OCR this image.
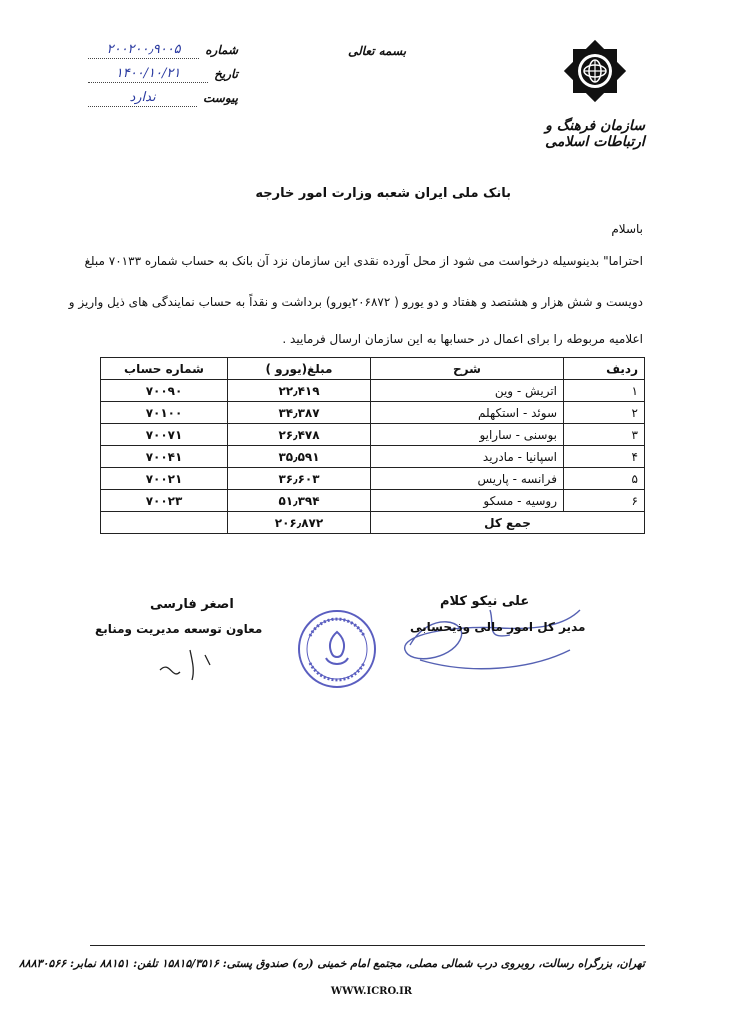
شماره
۲۰۰۲۰۰٫۹۰۰۵
تاریخ
۱۴۰۰/۱۰/۲۱
پیوست
ندارد
بسمه تعالی
سازمان فرهنگ و ارتباطات اسلامی
بانک ملی ایران شعبه وزارت امور خارجه
باسلام
احتراما" بدینوسیله درخواست می شود از محل آورده نقدی این سازمان نزد آن بانک به حساب شماره ۷۰۱۳۳ مبلغ
دویست و شش هزار و هشتصد و هفتاد و دو یورو ( ۲۰۶۸۷۲یورو) برداشت و نقداً به حساب نمایندگی های ذیل واریز و
اعلامیه مربوطه را برای اعمال در حسابها به این سازمان ارسال فرمایید .
ردیف	شرح	مبلغ(یورو )	شماره حساب
۱	اتریش - وین	۲۲٫۴۱۹	۷۰۰۹۰
۲	سوئد - استکهلم	۳۴٫۳۸۷	۷۰۱۰۰
۳	بوسنی - سارایو	۲۶٫۴۷۸	۷۰۰۷۱
۴	اسپانیا - مادرید	۳۵٫۵۹۱	۷۰۰۴۱
۵	فرانسه - پاریس	۳۶٫۶۰۳	۷۰۰۲۱
۶	روسیه - مسکو	۵۱٫۳۹۴	۷۰۰۲۳
جمع کل		۲۰۶٫۸۷۲	
علی نیکو کلام
مدیر کل امور مالی وذیحسابی
اصغر فارسی
معاون توسعه مدیریت ومنابع
تهران، بزرگراه رسالت، روبروی درب شمالی مصلی، مجتمع امام خمینی (ره) صندوق پستی: ۱۵۸۱۵/۳۵۱۶ تلفن: ۸۸۱۵۱ نمابر: ۸۸۸۳۰۵۶۶
WWW.ICRO.IR
